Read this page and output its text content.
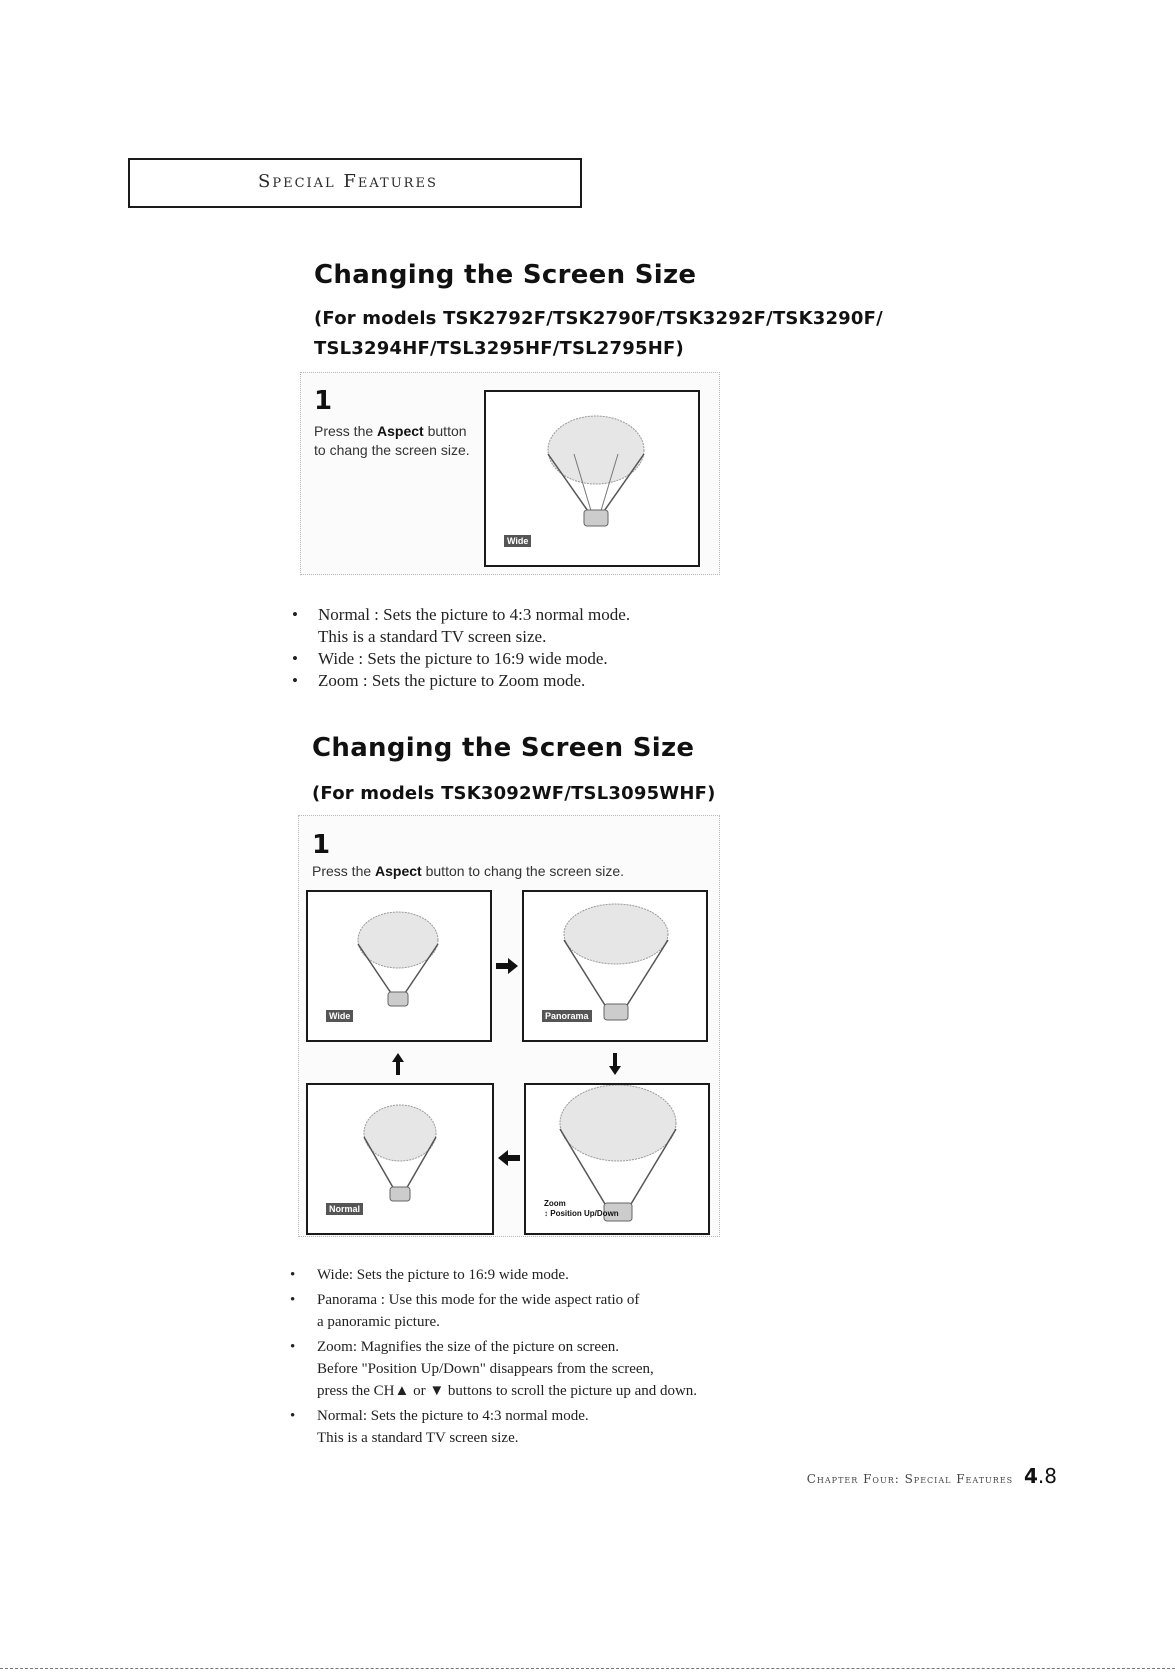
Special Features
Changing the Screen Size
(For models TSK2792F/TSK2790F/TSK3292F/TSK3290F/
TSL3294HF/TSL3295HF/TSL2795HF)
1
Press the Aspect button to chang the screen size.
Wide
• Normal : Sets the picture to 4:3 normal mode.
This is a standard TV screen size.
• Wide : Sets the picture to 16:9 wide mode.
• Zoom : Sets the picture to Zoom mode.
Changing the Screen Size
(For models TSK3092WF/TSL3095WHF)
1
Press the Aspect button to chang the screen size.
Wide	Panorama
Normal
Zoom
↕ Position Up/Down
• Wide: Sets the picture to 16:9 wide mode.
• Panorama : Use this mode for the wide aspect ratio of
a panoramic picture.
• Zoom: Magnifies the size of the picture on screen.
Before "Position Up/Down" disappears from the screen,
press the CH▲ or ▼ buttons to scroll the picture up and down.
• Normal: Sets the picture to 4:3 normal mode.
This is a standard TV screen size.
Chapter Four: Special Features 4.8
